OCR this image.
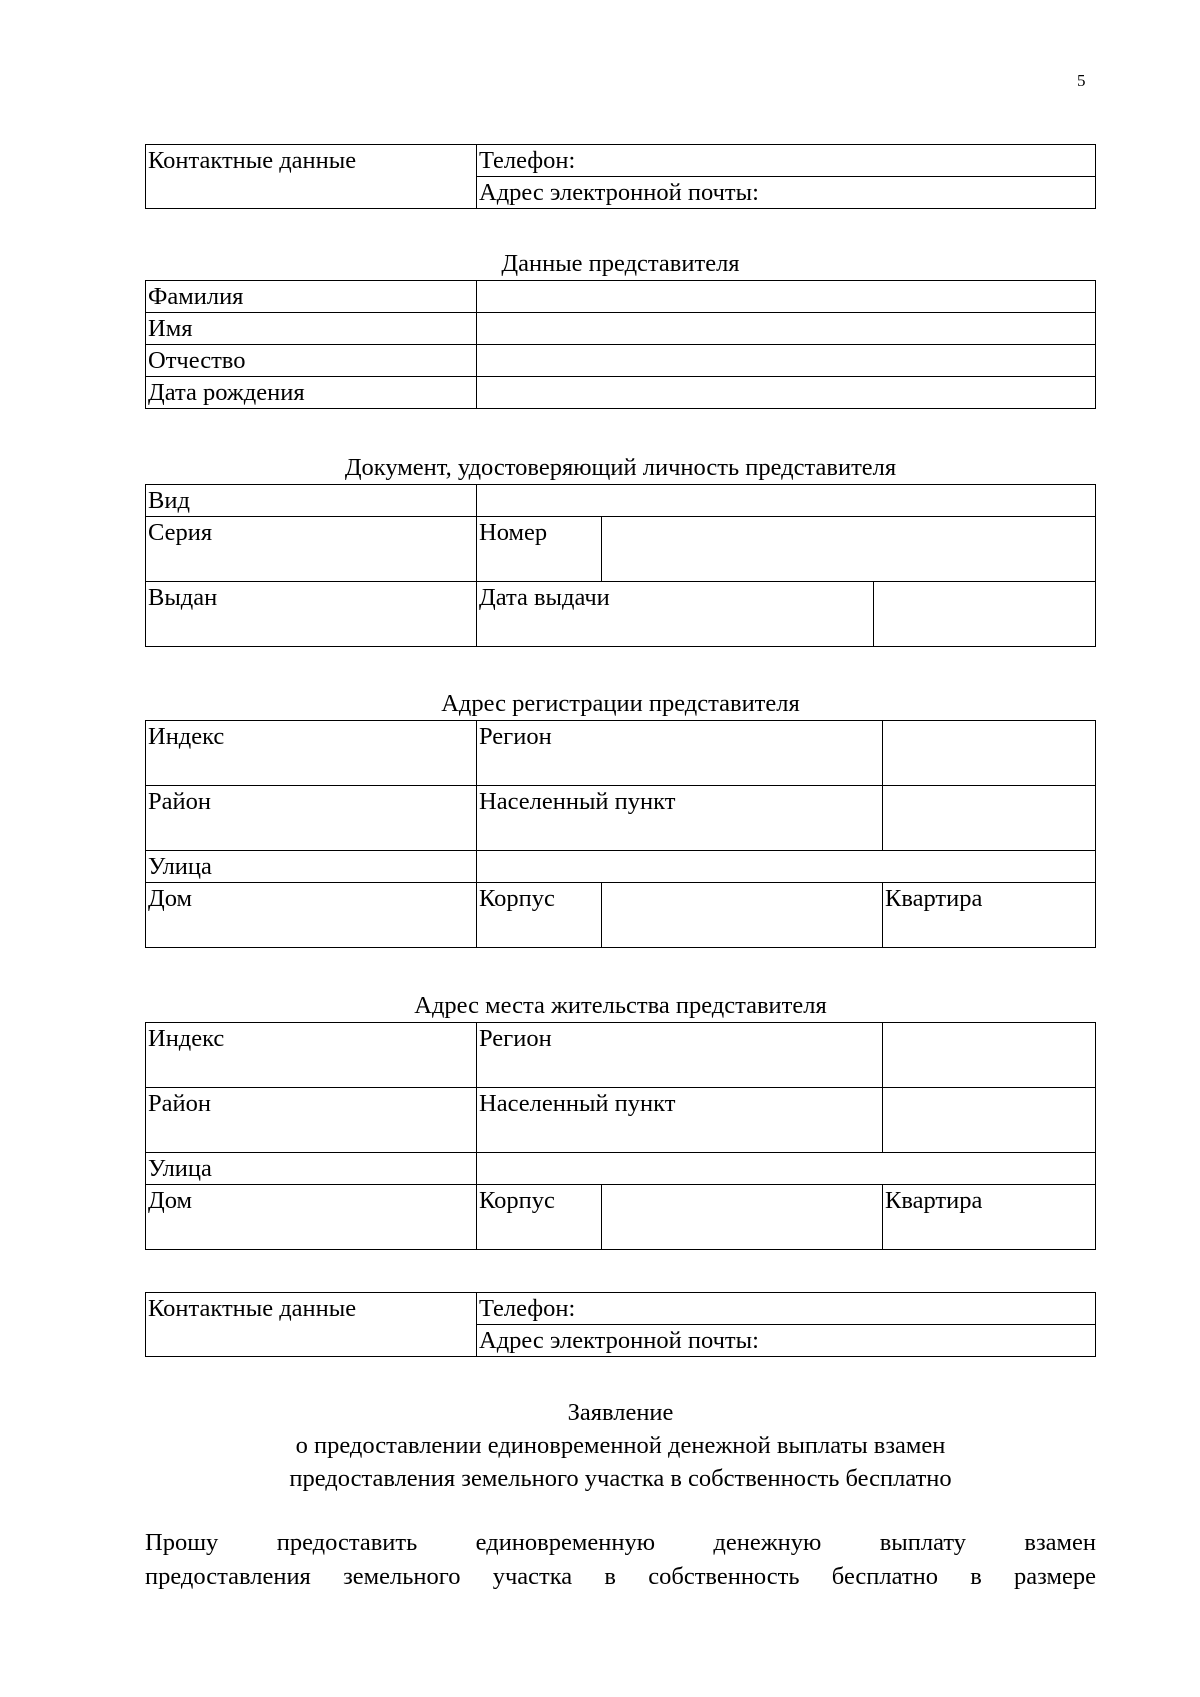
5
Контактные данные	Телефон:
Адрес электронной почты:
Данные представителя
Фамилия	
Имя	
Отчество	
Дата рождения	
Документ, удостоверяющий личность представителя
Вид			
Серия	Номер		
Выдан	Дата выдачи		
Адрес регистрации представителя
Индекс	Регион		
Район	Населенный пункт		
Улица			
Дом	Корпус		Квартира
Адрес места жительства представителя
Индекс	Регион		
Район	Населенный пункт		
Улица			
Дом	Корпус		Квартира
Контактные данные	Телефон:
Адрес электронной почты:
Заявление
о предоставлении единовременной денежной выплаты взамен
предоставления земельного участка в собственность бесплатно
Прошу предоставить единовременную денежную выплату взамен
предоставления земельного участка в собственность бесплатно в размере
